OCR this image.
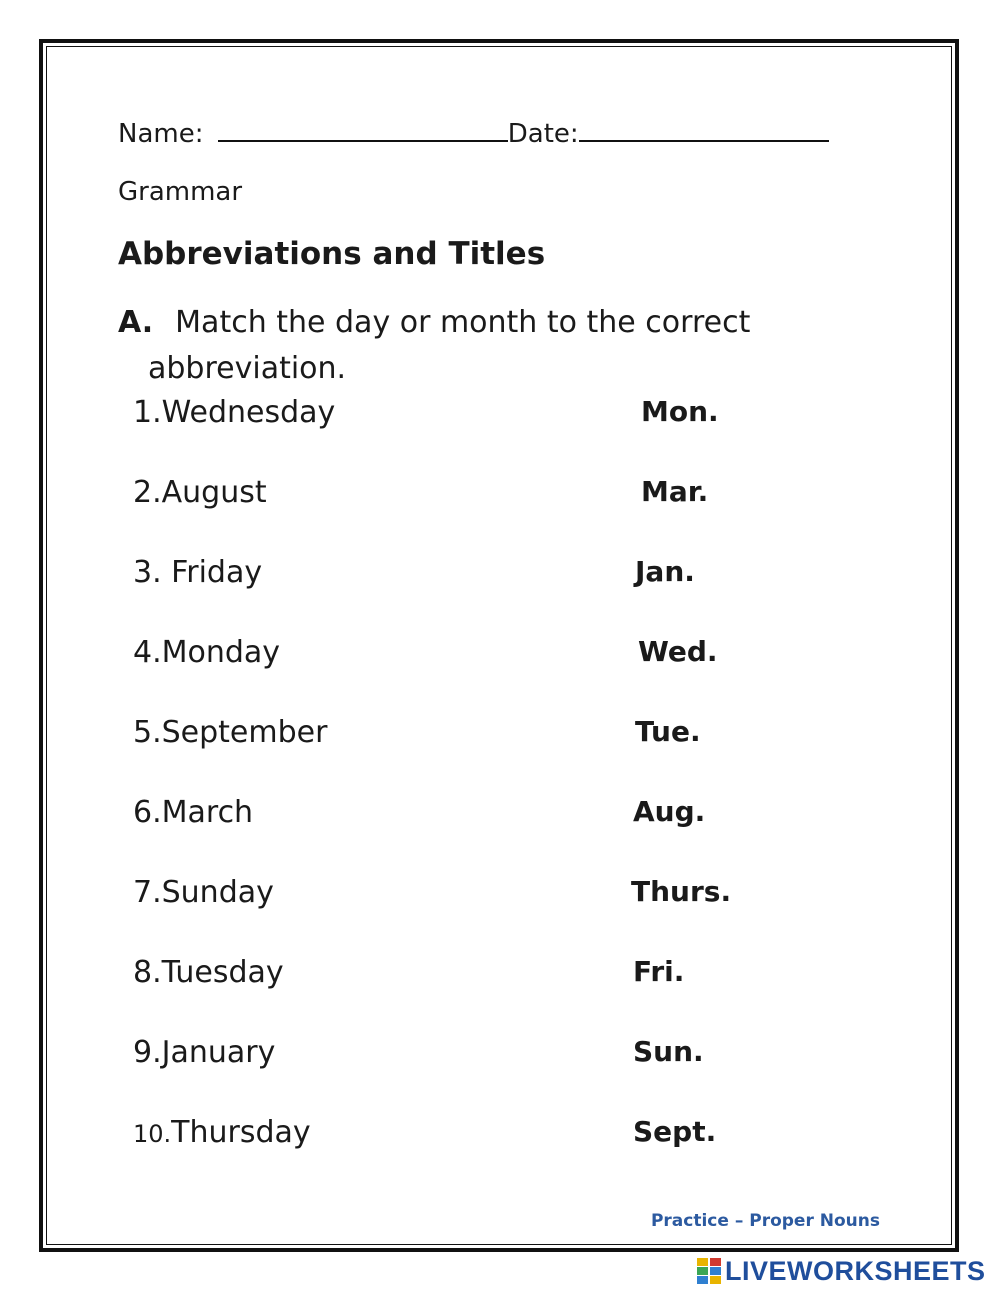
Name:	Date:
Grammar
Abbreviations and Titles
A. Match the day or month to the correct
abbreviation.
1.Wednesday	Mon.
2.August	Mar.
3. Friday	Jan.
4.Monday	Wed.
5.September	Tue.
6.March	Aug.
7.Sunday	Thurs.
8.Tuesday	Fri.
9.January	Sun.
10.Thursday	Sept.
Practice – Proper Nouns
LIVEWORKSHEETS
